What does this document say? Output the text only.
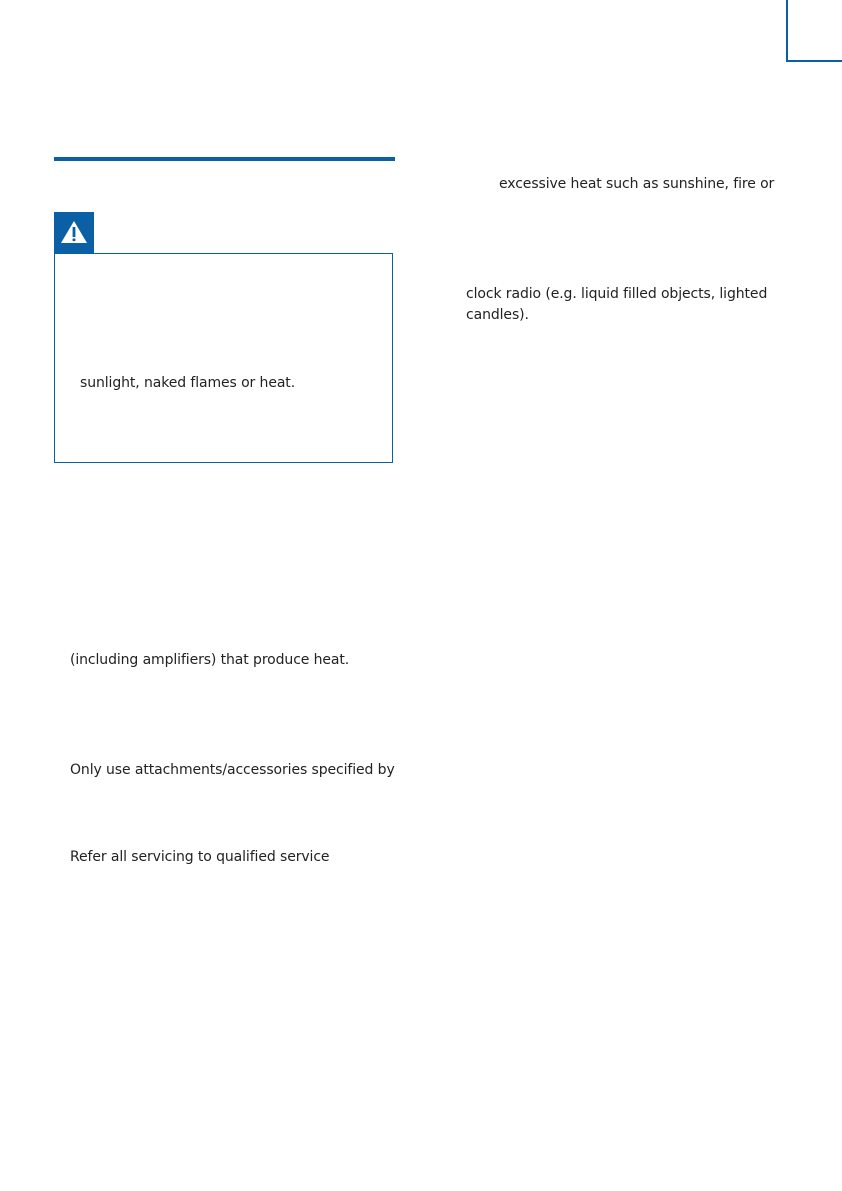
sunlight, naked flames or heat.
(including amplifiers) that produce heat.
Only use attachments/accessories specified by
Refer all servicing to qualified service
excessive heat such as sunshine, fire or
clock radio (e.g. liquid filled objects, lighted
candles).
